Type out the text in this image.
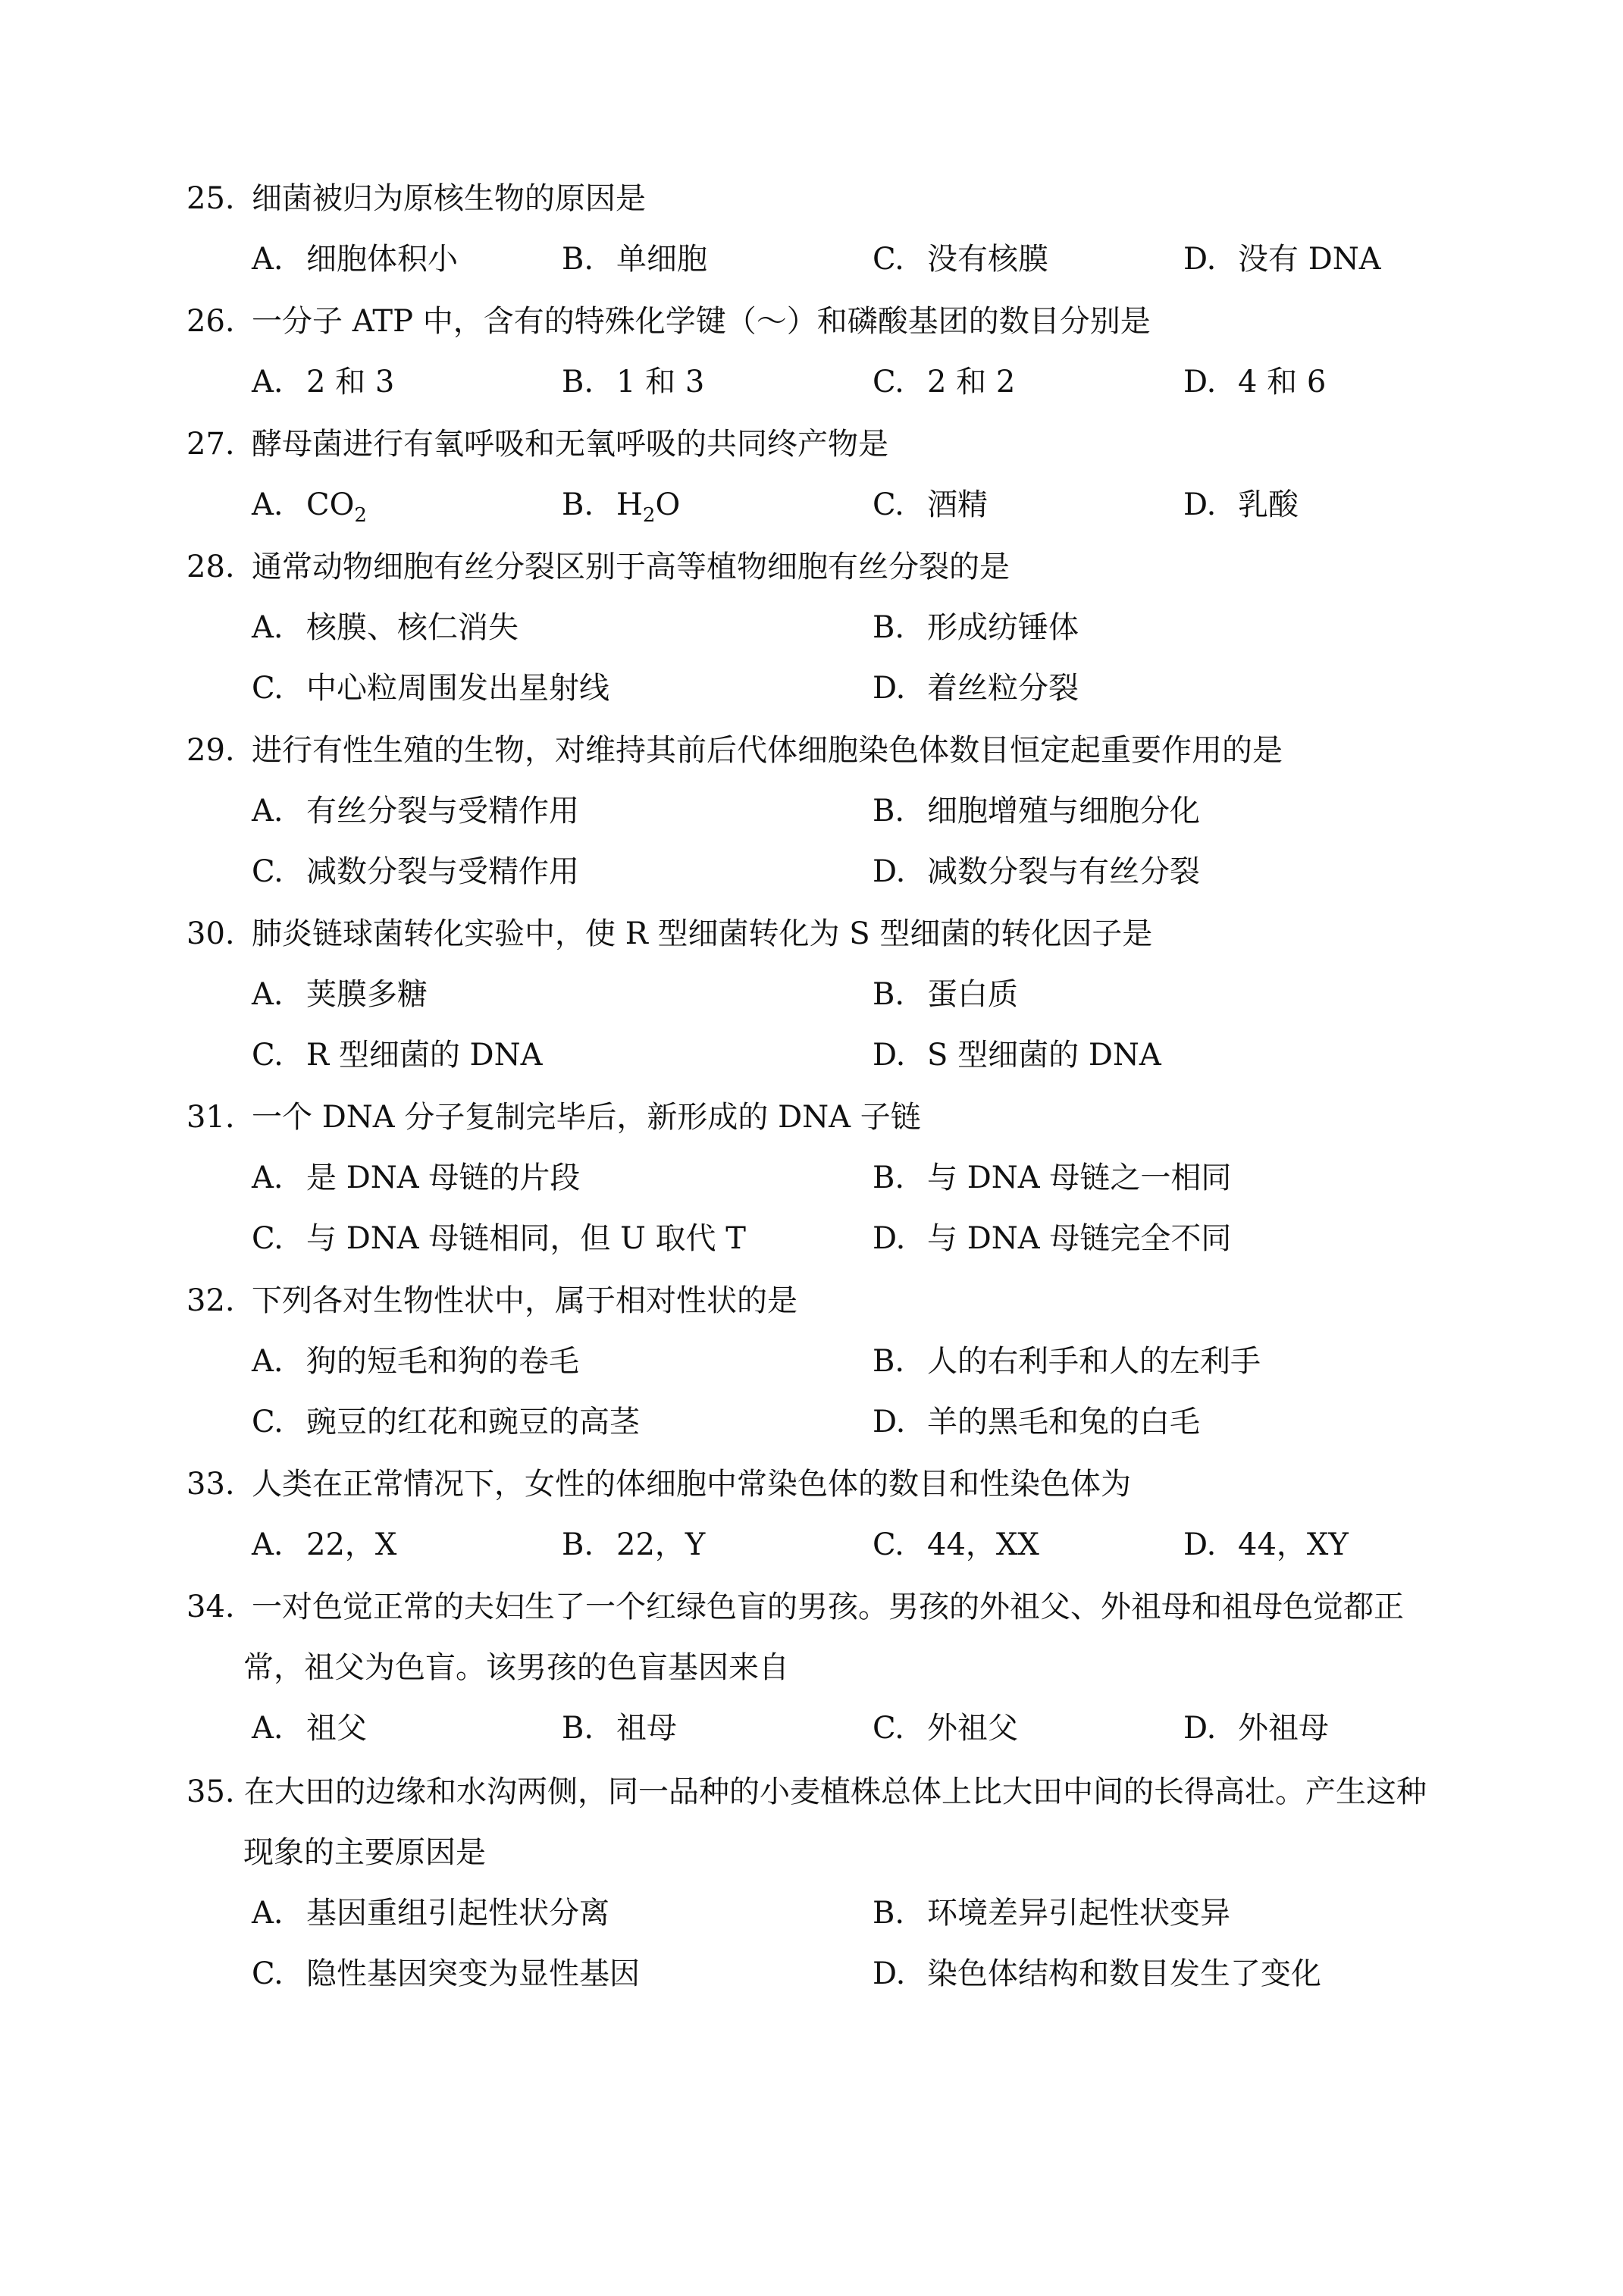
25. 细菌被归为原核生物的原因是
A. 细胞体积小	B. 单细胞	C. 没有核膜	D. 没有 DNA
26. 一分子 ATP 中，含有的特殊化学键（～）和磷酸基团的数目分别是
A. 2 和 3	B. 1 和 3	C. 2 和 2	D. 4 和 6
27. 酵母菌进行有氧呼吸和无氧呼吸的共同终产物是
A. $CO_2$	B. $H_2O$	C. 酒精	D. 乳酸
28. 通常动物细胞有丝分裂区别于高等植物细胞有丝分裂的是
A. 核膜、核仁消失	B. 形成纺锤体
C. 中心粒周围发出星射线	D. 着丝粒分裂
29. 进行有性生殖的生物，对维持其前后代体细胞染色体数目恒定起重要作用的是
A. 有丝分裂与受精作用	B. 细胞增殖与细胞分化
C. 减数分裂与受精作用	D. 减数分裂与有丝分裂
30. 肺炎链球菌转化实验中，使 R 型细菌转化为 S 型细菌的转化因子是
A. 荚膜多糖	B. 蛋白质
C. R 型细菌的 DNA	D. S 型细菌的 DNA
31. 一个 DNA 分子复制完毕后，新形成的 DNA 子链
A. 是 DNA 母链的片段	B. 与 DNA 母链之一相同
C. 与 DNA 母链相同，但 U 取代 T	D. 与 DNA 母链完全不同
32. 下列各对生物性状中，属于相对性状的是
A. 狗的短毛和狗的卷毛	B. 人的右利手和人的左利手
C. 豌豆的红花和豌豆的高茎	D. 羊的黑毛和兔的白毛
33. 人类在正常情况下，女性的体细胞中常染色体的数目和性染色体为
A. 22，X	B. 22，Y	C. 44，XX	D. 44，XY
34. 一对色觉正常的夫妇生了一个红绿色盲的男孩。男孩的外祖父、外祖母和祖母色觉都正
常，祖父为色盲。该男孩的色盲基因来自
A. 祖父	B. 祖母	C. 外祖父	D. 外祖母
35. 在大田的边缘和水沟两侧，同一品种的小麦植株总体上比大田中间的长得高壮。产生这种
现象的主要原因是
A. 基因重组引起性状分离	B. 环境差异引起性状变异
C. 隐性基因突变为显性基因	D. 染色体结构和数目发生了变化
